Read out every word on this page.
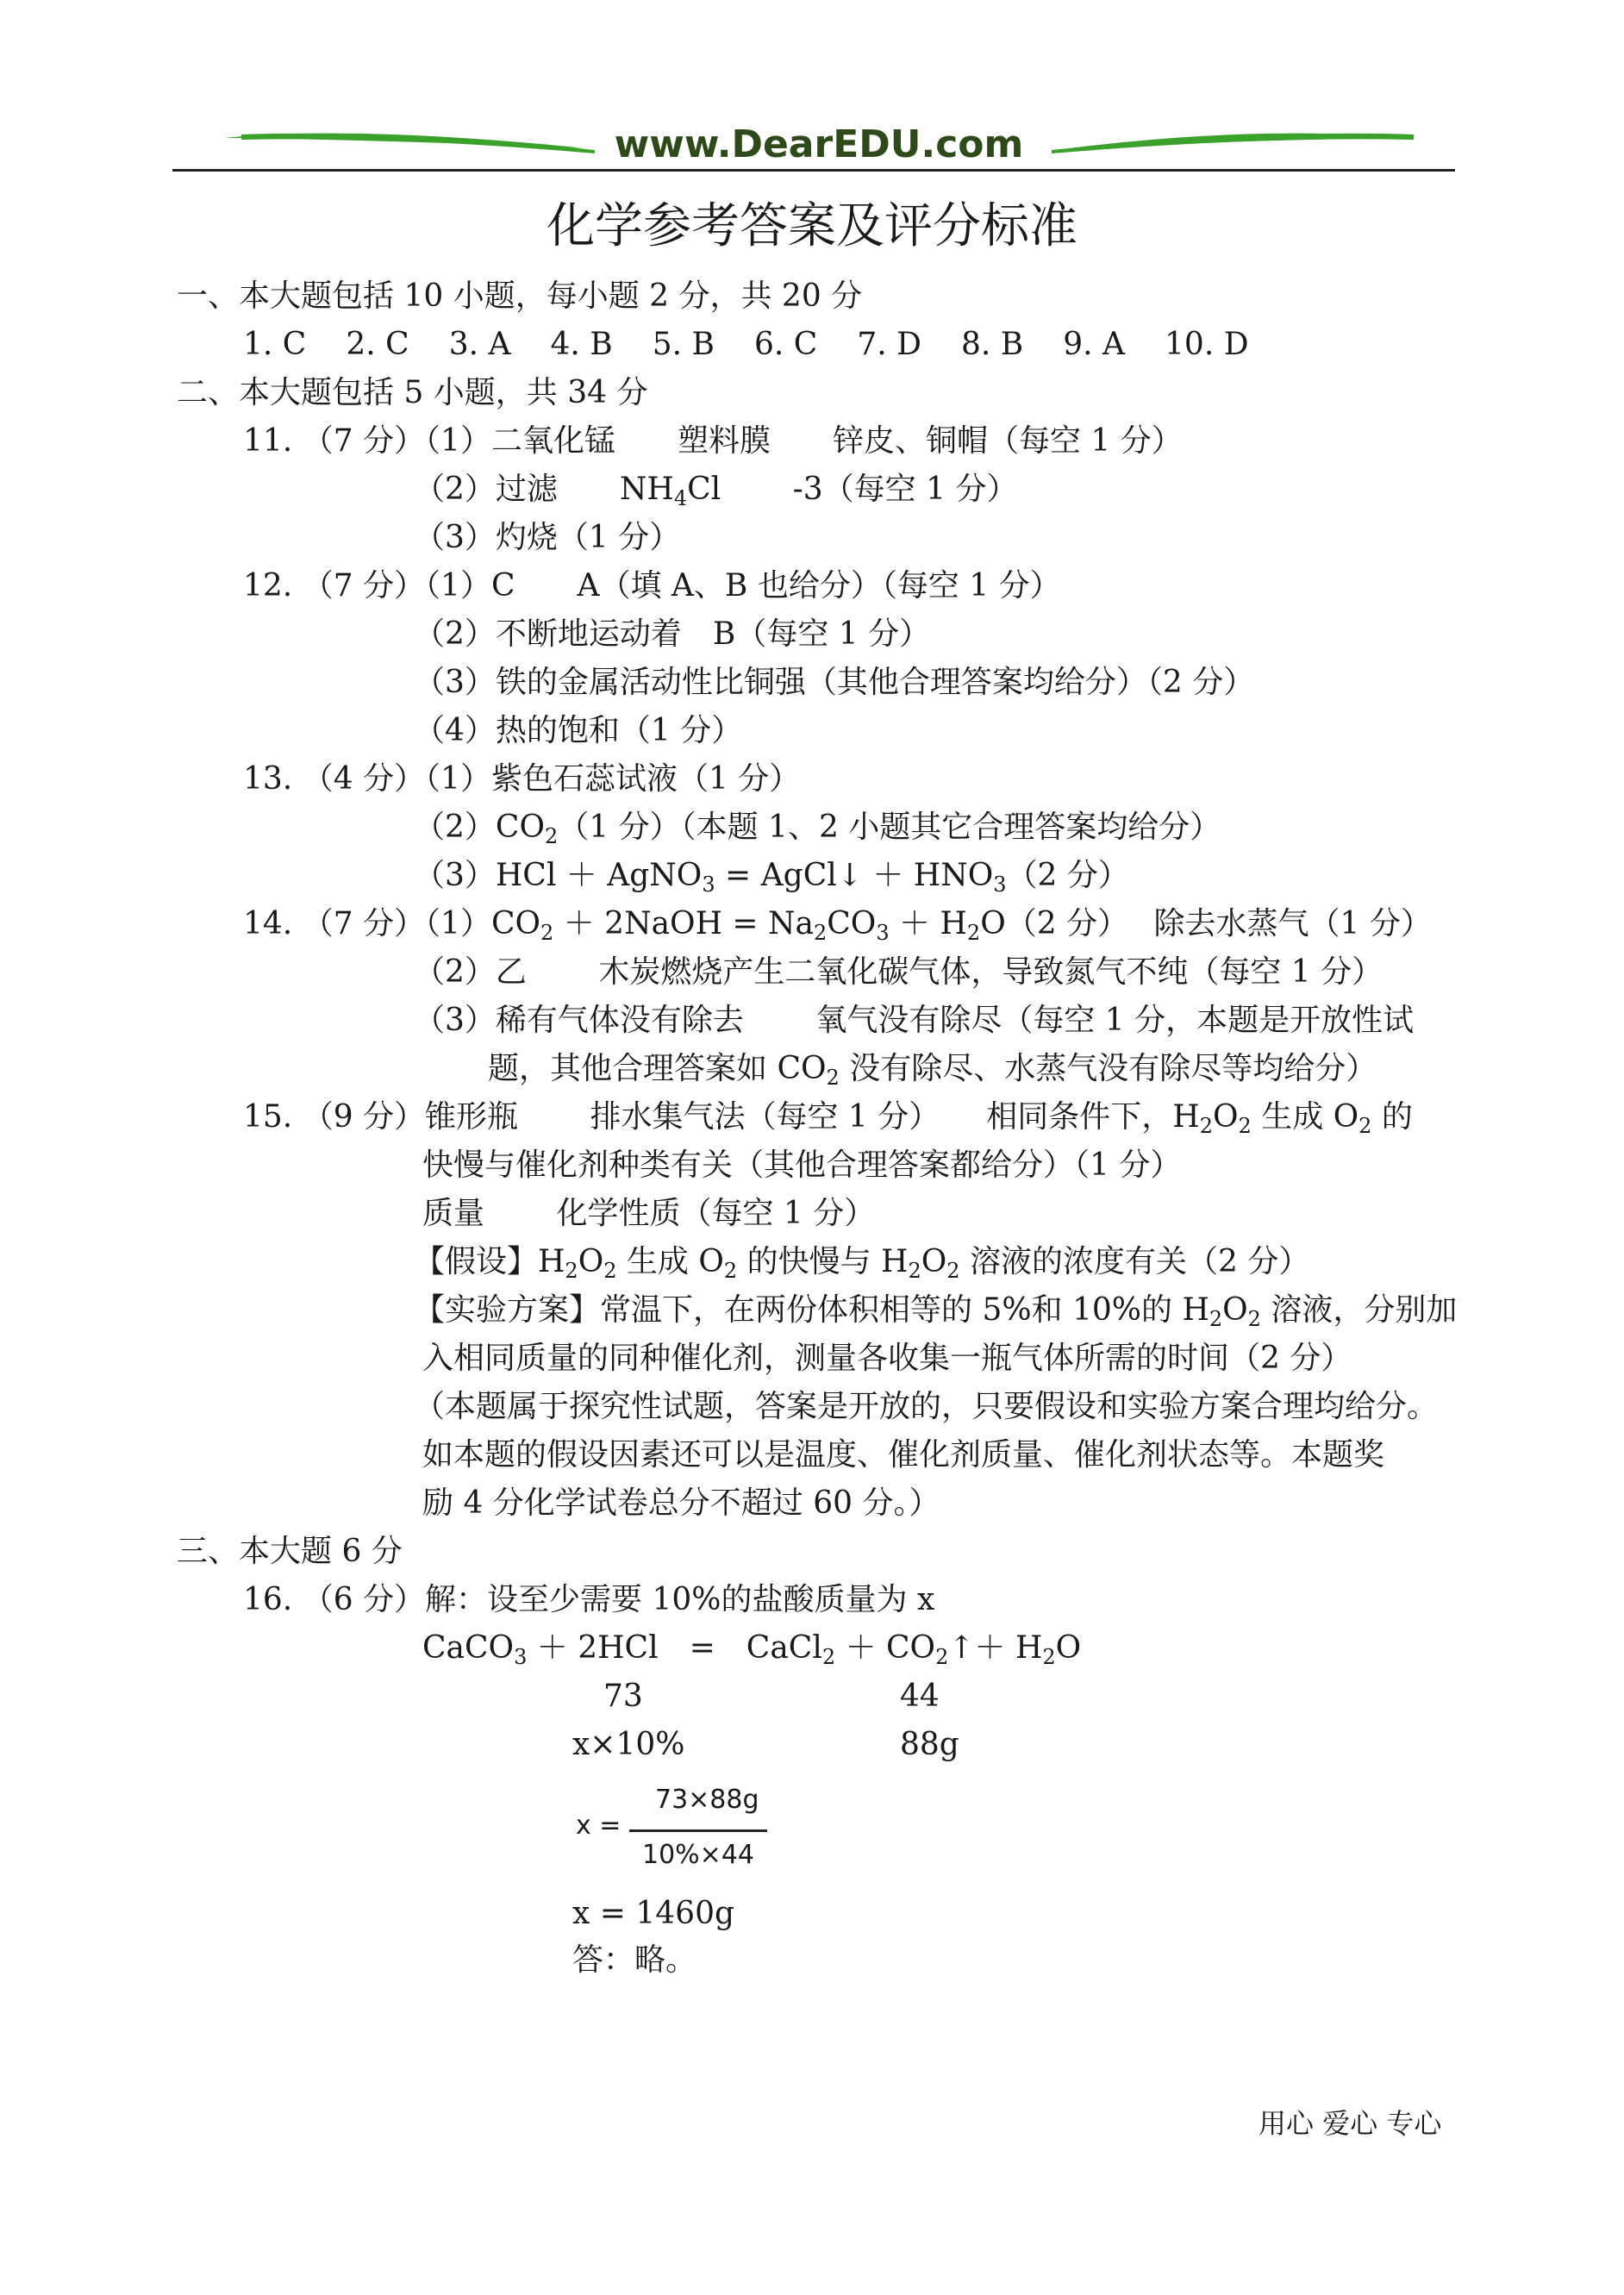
www.DearEDU.com
化学参考答案及评分标准
一、本大题包括 10 小题，每小题 2 分，共 20 分
1. C 2. C 3. A 4. B 5. B 6. C 7. D 8. B 9. A 10. D
二、本大题包括 5 小题，共 34 分
11. （7 分）（1）二氧化锰　　塑料膜　　锌皮、铜帽（每空 1 分）
（2）过滤　　$NH_4Cl$　　 -3（每空 1 分）
（3）灼烧（1 分）
12. （7 分）（1）C　　A（填 A、B 也给分）（每空 1 分）
（2）不断地运动着　B（每空 1 分）
（3）铁的金属活动性比铜强（其他合理答案均给分）（2 分）
（4）热的饱和（1 分）
13. （4 分）（1）紫色石蕊试液（1 分）
$(2)CO_2(1$ 分）（本题 1、2 小题其它合理答案均给分）
（3）HCl ＋ AgNO$_3$ = AgCl↓ ＋ $HNO_3(2$ 分）
14. （7 分）$(1)CO_2$ ＋ 2NaOH = $Na_2CO_3 + H_2O(2$ 分）　 除去水蒸气（1 分）
（2）乙　　 木炭燃烧产生二氧化碳气体，导致氮气不纯（每空 1 分）
（3）稀有气体没有除去　　 氧气没有除尽（每空 1 分，本题是开放性试
题，其他合理答案如 $CO_2$ 没有除尽、水蒸气没有除尽等均给分）
15. （9 分）锥形瓶　　 排水集气法（每空 1 分）　　相同条件下，$H_2O_2$ 生成 $O_2$ 的
快慢与催化剂种类有关（其他合理答案都给分）（1 分）
质量　　 化学性质（每空 1 分）
【假设】$H_2O_2$ 生成 $O_2$ 的快慢与 $H_2O_2$ 溶液的浓度有关（2 分）
【实验方案】常温下，在两份体积相等的 5%和 10%的 $H_2O_2$ 溶液，分别加
入相同质量的同种催化剂，测量各收集一瓶气体所需的时间（2 分）
（本题属于探究性试题，答案是开放的，只要假设和实验方案合理均给分。
如本题的假设因素还可以是温度、催化剂质量、催化剂状态等。本题奖
励 4 分化学试卷总分不超过 60 分。）
三、本大题 6 分
16. （6 分）解：设至少需要 10%的盐酸质量为 x
CaCO$_3$ ＋ 2HCl　=　CaCl$_2$ ＋ $CO_2↑+ H_2O$
73	44
x×10%	88g
x =
73×88g
10%×44
x = 1460g
答：略。
用心 爱心 专心
